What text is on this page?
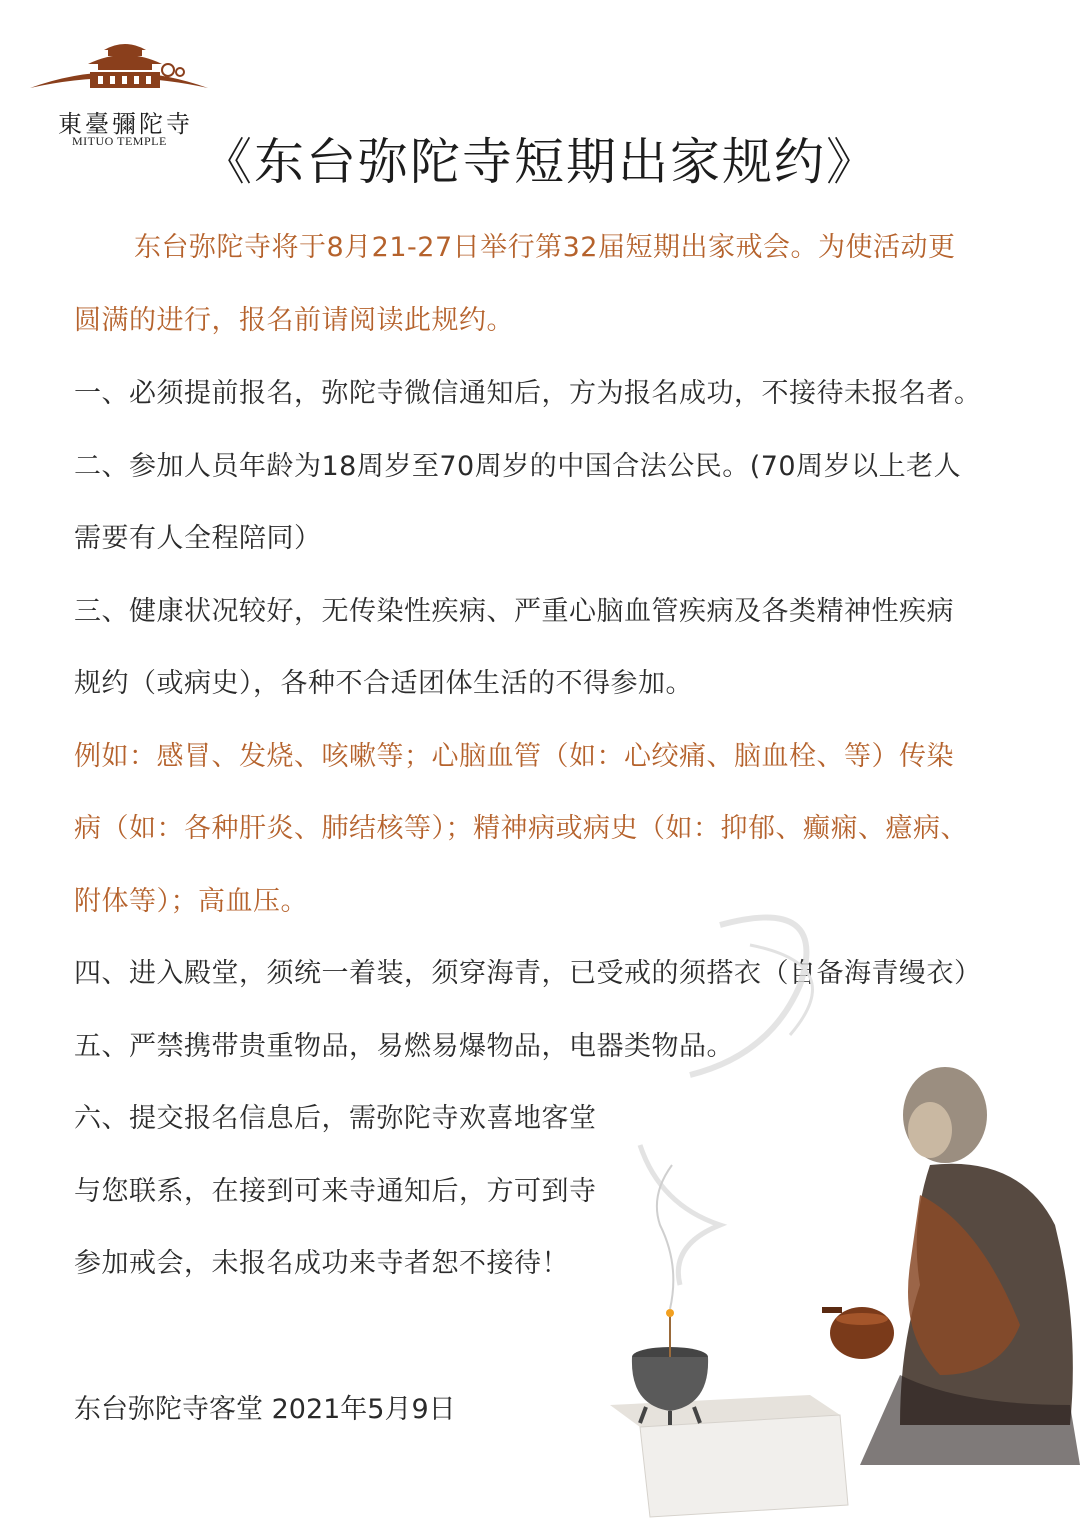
東臺彌陀寺
MITUO TEMPLE 《东台弥陀寺短期出家规约》
东台弥陀寺将于8月21-27日举行第32届短期出家戒会。为使活动更
圆满的进行，报名前请阅读此规约。
一、必须提前报名，弥陀寺微信通知后，方为报名成功，不接待未报名者。
二、参加人员年龄为18周岁至70周岁的中国合法公民。(70周岁以上老人
需要有人全程陪同）
三、健康状况较好，无传染性疾病、严重心脑血管疾病及各类精神性疾病
规约（或病史），各种不合适团体生活的不得参加。
例如：感冒、发烧、咳嗽等；心脑血管（如：心绞痛、脑血栓、等）传染
病（如：各种肝炎、肺结核等）；精神病或病史（如：抑郁、癫痫、癔病、
附体等）；高血压。
四、进入殿堂，须统一着装，须穿海青，已受戒的须搭衣（自备海青缦衣）
五、严禁携带贵重物品，易燃易爆物品，电器类物品。
六、提交报名信息后，需弥陀寺欢喜地客堂
与您联系，在接到可来寺通知后，方可到寺
参加戒会，未报名成功来寺者恕不接待！
东台弥陀寺客堂 2021年5月9日
